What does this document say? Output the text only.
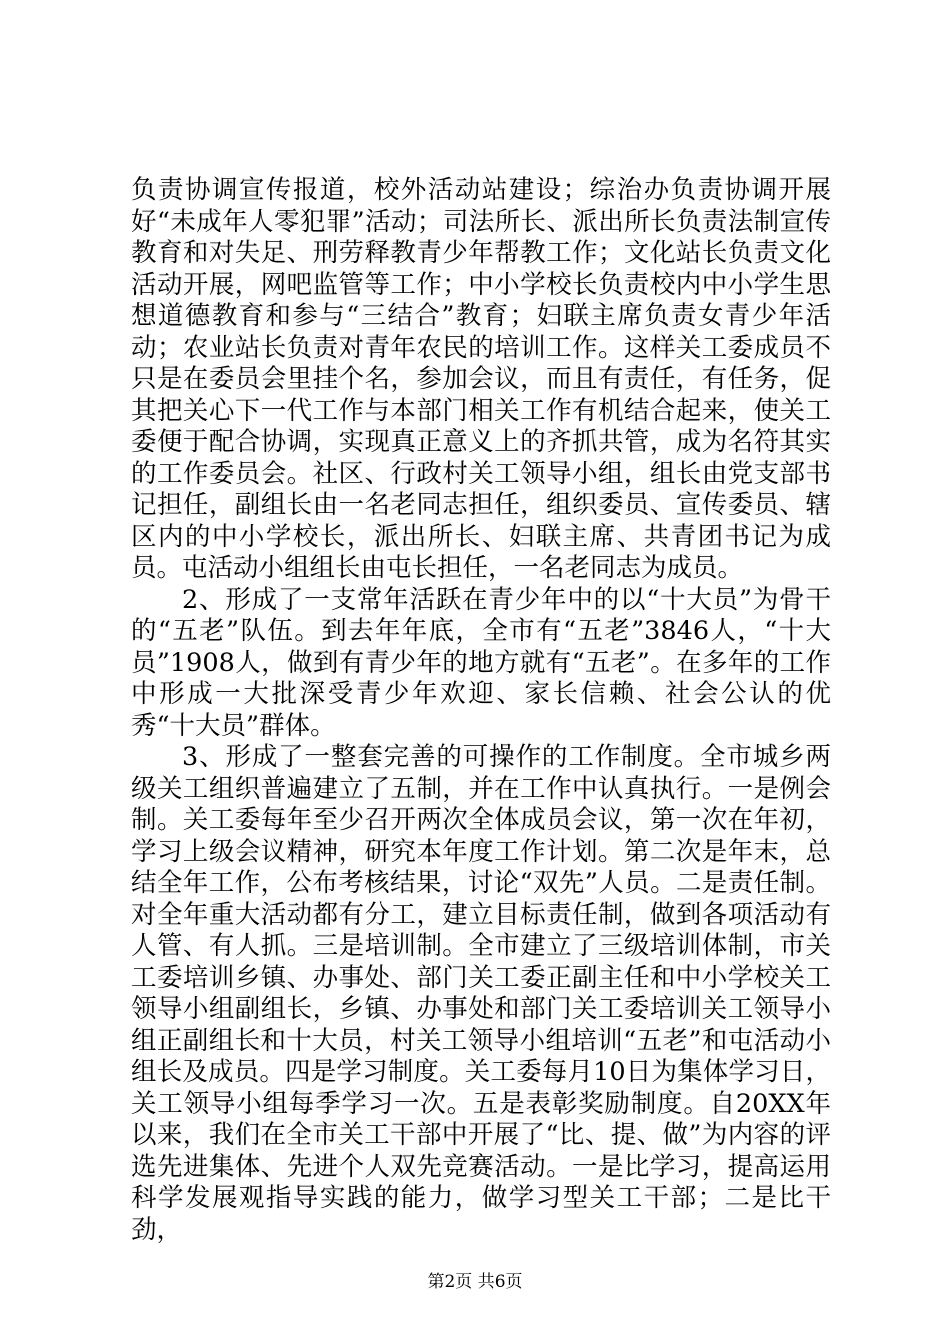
负责协调宣传报道，校外活动站建设；综治办负责协调开展好“未成年人零犯罪”活动；司法所长、派出所长负责法制宣传教育和对失足、刑劳释教青少年帮教工作；文化站长负责文化活动开展，网吧监管等工作；中小学校长负责校内中小学生思想道德教育和参与“三结合”教育；妇联主席负责女青少年活动；农业站长负责对青年农民的培训工作。这样关工委成员不只是在委员会里挂个名，参加会议，而且有责任，有任务，促其把关心下一代工作与本部门相关工作有机结合起来，使关工委便于配合协调，实现真正意义上的齐抓共管，成为名符其实的工作委员会。社区、行政村关工领导小组，组长由党支部书记担任，副组长由一名老同志担任，组织委员、宣传委员、辖区内的中小学校长，派出所长、妇联主席、共青团书记为成员。屯活动小组组长由屯长担任，一名老同志为成员。

2、形成了一支常年活跃在青少年中的以“十大员”为骨干的“五老”队伍。到去年年底，全市有“五老”3846人，“十大员”1908人，做到有青少年的地方就有“五老”。在多年的工作中形成一大批深受青少年欢迎、家长信赖、社会公认的优秀“十大员”群体。

3、形成了一整套完善的可操作的工作制度。全市城乡两级关工组织普遍建立了五制，并在工作中认真执行。一是例会制。关工委每年至少召开两次全体成员会议，第一次在年初，学习上级会议精神，研究本年度工作计划。第二次是年末，总结全年工作，公布考核结果，讨论“双先”人员。二是责任制。对全年重大活动都有分工，建立目标责任制，做到各项活动有人管、有人抓。三是培训制。全市建立了三级培训体制，市关工委培训乡镇、办事处、部门关工委正副主任和中小学校关工领导小组副组长，乡镇、办事处和部门关工委培训关工领导小组正副组长和十大员，村关工领导小组培训“五老”和屯活动小组长及成员。四是学习制度。关工委每月10日为集体学习日，关工领导小组每季学习一次。五是表彰奖励制度。自20XX年以来，我们在全市关工干部中开展了“比、提、做”为内容的评选先进集体、先进个人双先竞赛活动。一是比学习，提高运用科学发展观指导实践的能力，做学习型关工干部；二是比干劲，

第2页 共6页
